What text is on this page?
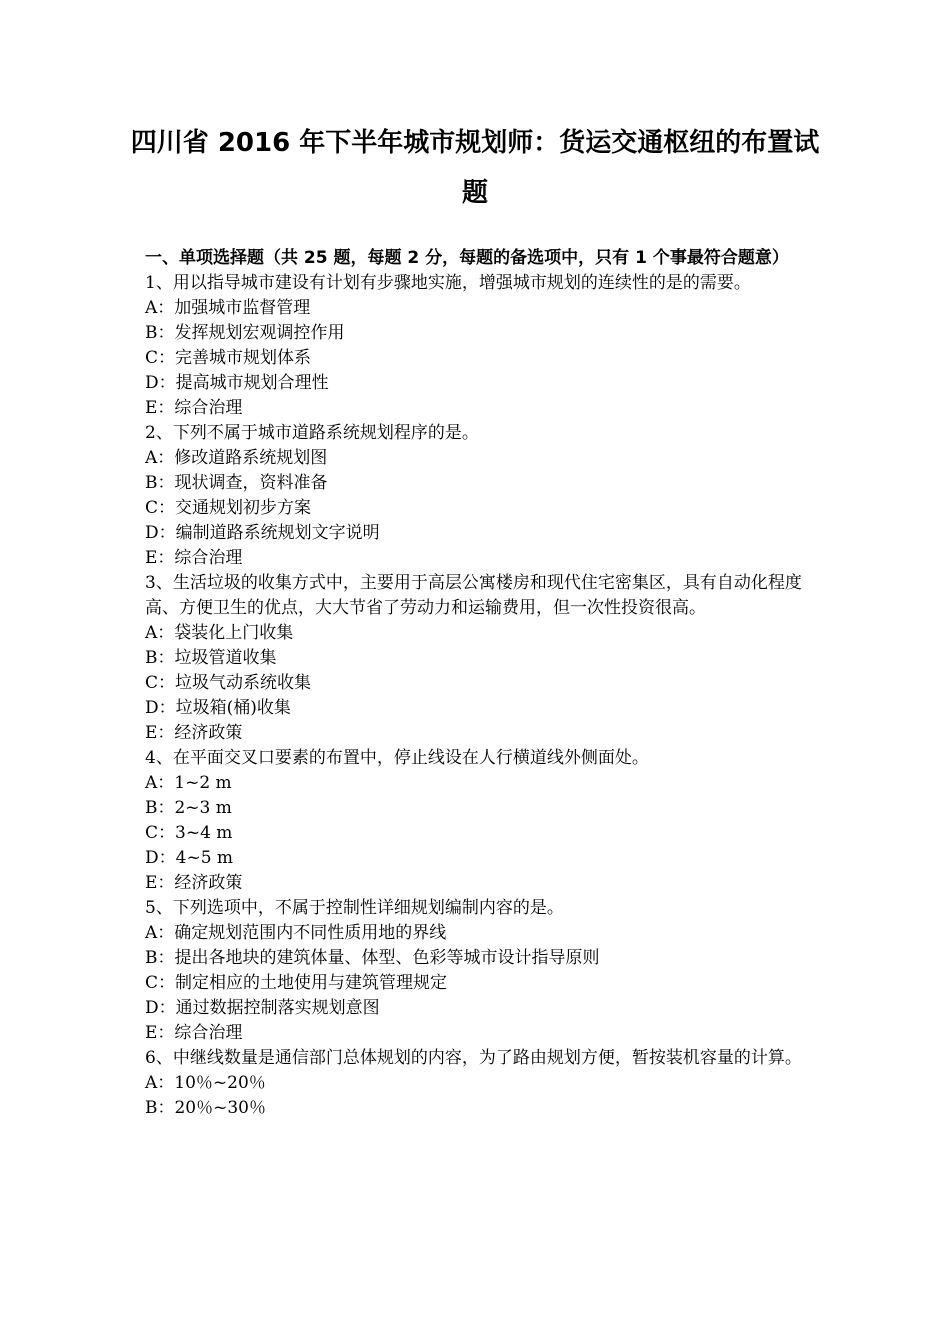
四川省 2016 年下半年城市规划师：货运交通枢纽的布置试题
一、单项选择题（共 25 题，每题 2 分，每题的备选项中，只有 1 个事最符合题意）
1、用以指导城市建设有计划有步骤地实施，增强城市规划的连续性的是的需要。
A：加强城市监督管理
B：发挥规划宏观调控作用
C：完善城市规划体系
D：提高城市规划合理性
E：综合治理
2、下列不属于城市道路系统规划程序的是。
A：修改道路系统规划图
B：现状调查，资料准备
C：交通规划初步方案
D：编制道路系统规划文字说明
E：综合治理
3、生活垃圾的收集方式中，主要用于高层公寓楼房和现代住宅密集区，具有自动化程度高、方便卫生的优点，大大节省了劳动力和运输费用，但一次性投资很高。
A：袋装化上门收集
B：垃圾管道收集
C：垃圾气动系统收集
D：垃圾箱(桶)收集
E：经济政策
4、在平面交叉口要素的布置中，停止线设在人行横道线外侧面处。
A：1~2 m
B：2~3 m
C：3~4 m
D：4~5 m
E：经济政策
5、下列选项中，不属于控制性详细规划编制内容的是。
A：确定规划范围内不同性质用地的界线
B：提出各地块的建筑体量、体型、色彩等城市设计指导原则
C：制定相应的土地使用与建筑管理规定
D：通过数据控制落实规划意图
E：综合治理
6、中继线数量是通信部门总体规划的内容，为了路由规划方便，暂按装机容量的计算。
A：10％~20％
B：20％~30％
